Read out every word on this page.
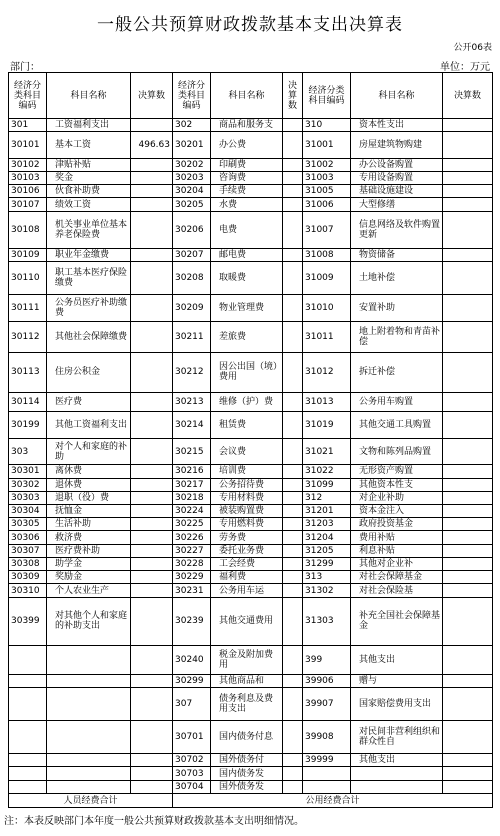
一般公共预算财政拨款基本支出决算表
公开06表
部门：	单位：万元
经济分类科目编码	科目名称	决算数	经济分类科目编码	科目名称	决算数	经济分类科目编码	科目名称	决算数
301	工资福利支出		302	商品和服务支		310	资本性支出	
30101	基本工资	496.63	30201	办公费		31001	房屋建筑物购建	
30102	津贴补贴		30202	印刷费		31002	办公设备购置	
30103	奖金		30203	咨询费		31003	专用设备购置	
30106	伙食补助费		30204	手续费		31005	基础设施建设	
30107	绩效工资		30205	水费		31006	大型修缮	
30108	机关事业单位基本养老保险费		30206	电费		31007	信息网络及软件购置更新	
30109	职业年金缴费		30207	邮电费		31008	物资储备	
30110	职工基本医疗保险缴费		30208	取暖费		31009	土地补偿	
30111	公务员医疗补助缴费		30209	物业管理费		31010	安置补助	
30112	其他社会保障缴费		30211	差旅费		31011	地上附着物和青苗补偿	
30113	住房公积金		30212	因公出国（境）费用		31012	拆迁补偿	
30114	医疗费		30213	维修（护）费		31013	公务用车购置	
30199	其他工资福利支出		30214	租赁费		31019	其他交通工具购置	
303	对个人和家庭的补助		30215	会议费		31021	文物和陈列品购置	
30301	离休费		30216	培训费		31022	无形资产购置	
30302	退休费		30217	公务招待费		31099	其他资本性支	
30303	退职（役）费		30218	专用材料费		312	对企业补助	
30304	抚恤金		30224	被装购置费		31201	资本金注入	
30305	生活补助		30225	专用燃料费		31203	政府投资基金	
30306	救济费		30226	劳务费		31204	费用补贴	
30307	医疗费补助		30227	委托业务费		31205	利息补贴	
30308	助学金		30228	工会经费		31299	其他对企业补	
30309	奖励金		30229	福利费		313	对社会保障基金	
30310	个人农业生产		30231	公务用车运		31302	对社会保险基	
30399	对其他个人和家庭的补助支出		30239	其他交通费用		31303	补充全国社会保障基金	
			30240	税金及附加费用		399	其他支出	
			30299	其他商品和		39906	赠与	
			307	债务利息及费用支出		39907	国家赔偿费用支出	
			30701	国内债务付息		39908	对民间非营利组织和群众性自	
			30702	国外债务付		39999	其他支出	
			30703	国内债务发				
			30704	国外债务发				
人员经费合计			公用经费合计					
注：本表反映部门本年度一般公共预算财政拨款基本支出明细情况。
